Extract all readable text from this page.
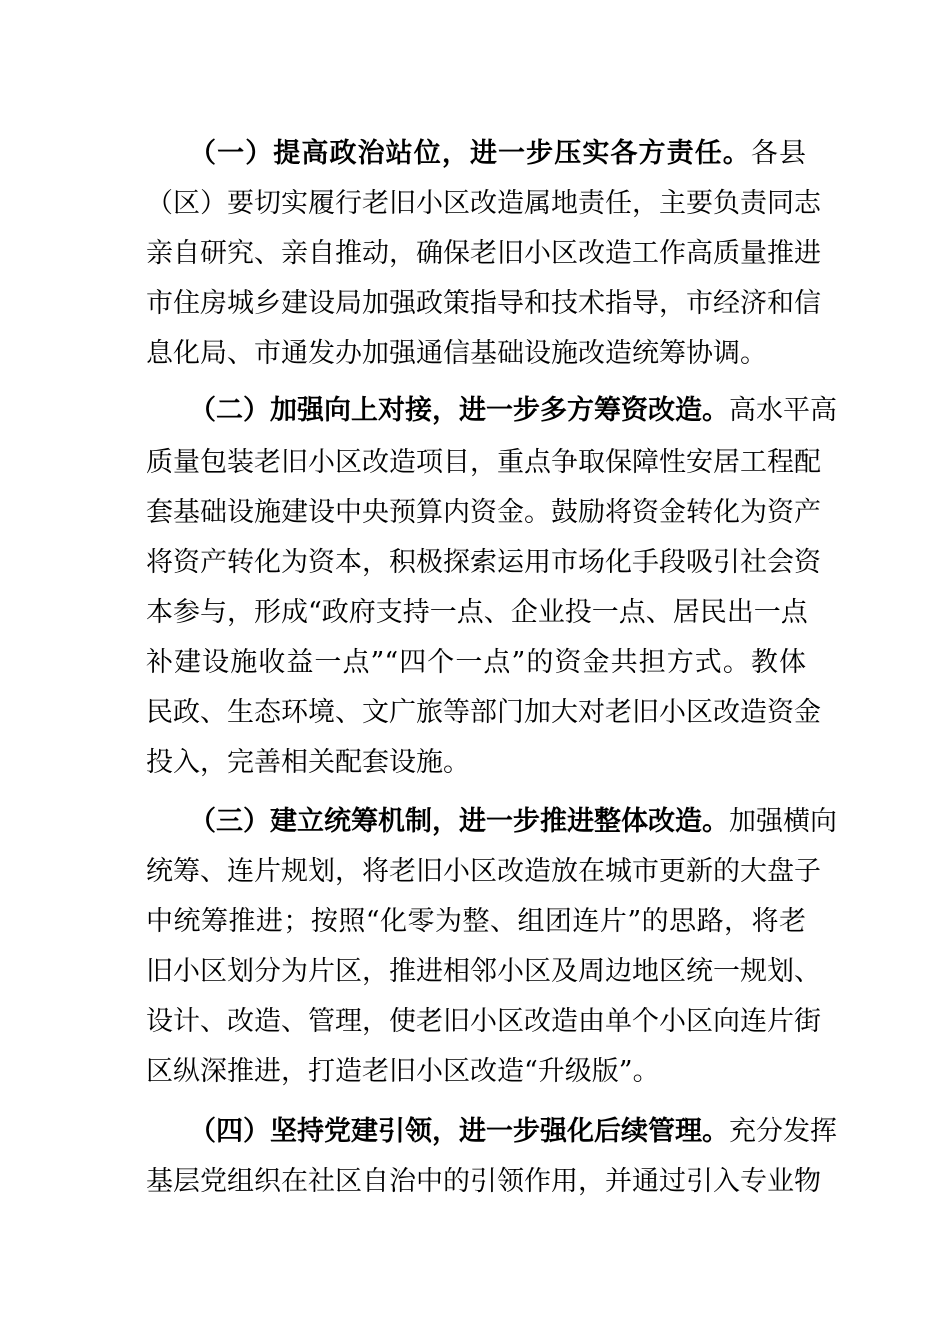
（一）提高政治站位，进一步压实各方责任。各县
（区）要切实履行老旧小区改造属地责任，主要负责同志
亲自研究、亲自推动，确保老旧小区改造工作高质量推进
市住房城乡建设局加强政策指导和技术指导，市经济和信
息化局、市通发办加强通信基础设施改造统筹协调。
（二）加强向上对接，进一步多方筹资改造。高水平高
质量包装老旧小区改造项目，重点争取保障性安居工程配
套基础设施建设中央预算内资金。鼓励将资金转化为资产
将资产转化为资本，积极探索运用市场化手段吸引社会资
本参与，形成“政府支持一点、企业投一点、居民出一点
补建设施收益一点”“四个一点”的资金共担方式。教体
民政、生态环境、文广旅等部门加大对老旧小区改造资金
投入，完善相关配套设施。
（三）建立统筹机制，进一步推进整体改造。加强横向
统筹、连片规划，将老旧小区改造放在城市更新的大盘子
中统筹推进；按照“化零为整、组团连片”的思路，将老
旧小区划分为片区，推进相邻小区及周边地区统一规划、
设计、改造、管理，使老旧小区改造由单个小区向连片街
区纵深推进，打造老旧小区改造“升级版”。
（四）坚持党建引领，进一步强化后续管理。充分发挥
基层党组织在社区自治中的引领作用，并通过引入专业物
